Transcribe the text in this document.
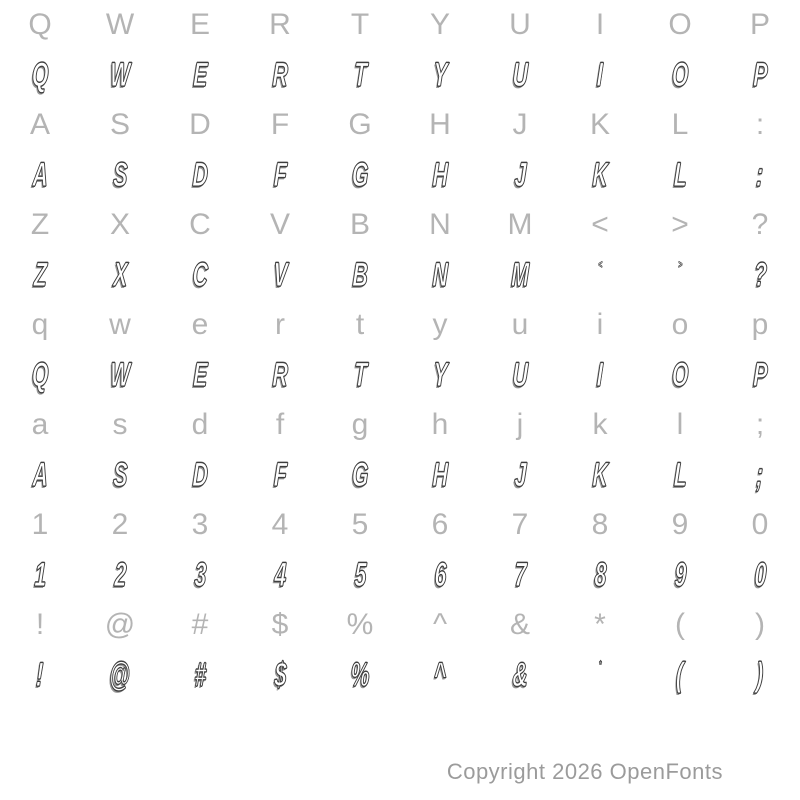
Q W E R T Y U I O P
Q W E R T Y U I O P
A S D F G H J K L :
A S D F G H J K L :
Z X C V B N M < > ?
Z X C V B N M	<	> ?
q w e r t y u i o p
Q W E R T Y U I O P
a s d f g h j k l ;
A S D F G H J K L ;
1 2 3 4 5 6 7 8 9 0
1 2 3 4 5 6 7 8 9 0
! @ # $ % ^ & * ( )
! @ # $ % ^ &	* ( )
Copyright 2026 OpenFonts
